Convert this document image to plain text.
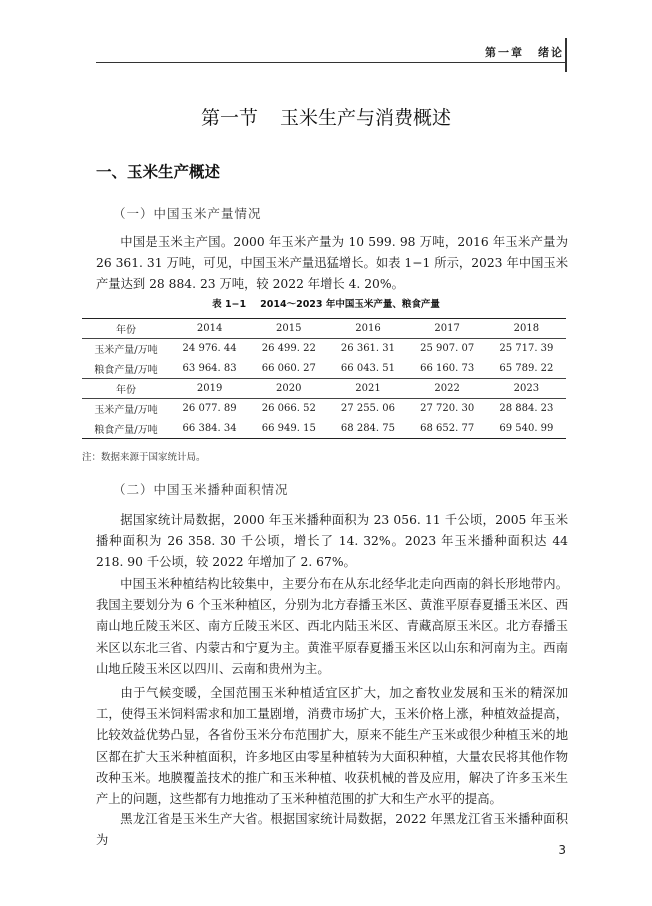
第一章 绪论
第一节 玉米生产与消费概述
一、玉米生产概述
（一）中国玉米产量情况
中国是玉米主产国。2000 年玉米产量为 10 599. 98 万吨，2016 年玉米产量为 26 361. 31 万吨，可见，中国玉米产量迅猛增长。如表 1−1 所示，2023 年中国玉米产量达到 28 884. 23 万吨，较 2022 年增长 4. 20%。
表 1−1 2014～2023 年中国玉米产量、粮食产量
年份	2014	2015	2016	2017	2018
玉米产量/万吨	24 976. 44	26 499. 22	26 361. 31	25 907. 07	25 717. 39
粮食产量/万吨	63 964. 83	66 060. 27	66 043. 51	66 160. 73	65 789. 22
年份	2019	2020	2021	2022	2023
玉米产量/万吨	26 077. 89	26 066. 52	27 255. 06	27 720. 30	28 884. 23
粮食产量/万吨	66 384. 34	66 949. 15	68 284. 75	68 652. 77	69 540. 99
注：数据来源于国家统计局。
（二）中国玉米播种面积情况
据国家统计局数据，2000 年玉米播种面积为 23 056. 11 千公顷，2005 年玉米播种面积为 26 358. 30 千公顷，增长了 14. 32%。2023 年玉米播种面积达 44 218. 90 千公顷，较 2022 年增加了 2. 67%。
中国玉米种植结构比较集中，主要分布在从东北经华北走向西南的斜长形地带内。我国主要划分为 6 个玉米种植区，分别为北方春播玉米区、黄淮平原春夏播玉米区、西南山地丘陵玉米区、南方丘陵玉米区、西北内陆玉米区、青藏高原玉米区。北方春播玉米区以东北三省、内蒙古和宁夏为主。黄淮平原春夏播玉米区以山东和河南为主。西南山地丘陵玉米区以四川、云南和贵州为主。
由于气候变暖，全国范围玉米种植适宜区扩大，加之畜牧业发展和玉米的精深加工，使得玉米饲料需求和加工量剧增，消费市场扩大，玉米价格上涨，种植效益提高，比较效益优势凸显，各省份玉米分布范围扩大，原来不能生产玉米或很少种植玉米的地区都在扩大玉米种植面积，许多地区由零星种植转为大面积种植，大量农民将其他作物改种玉米。地膜覆盖技术的推广和玉米种植、收获机械的普及应用，解决了许多玉米生产上的问题，这些都有力地推动了玉米种植范围的扩大和生产水平的提高。
黑龙江省是玉米生产大省。根据国家统计局数据，2022 年黑龙江省玉米播种面积为
3
